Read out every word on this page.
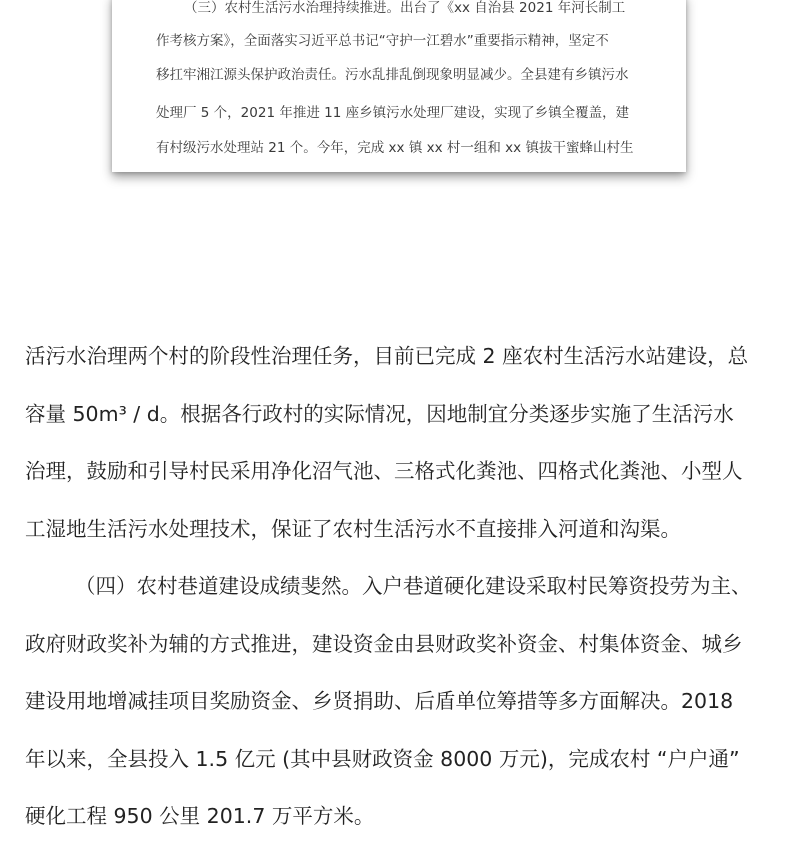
（三）农村生活污水治理持续推进。出台了《xx 自治县 2021 年河长制工
作考核方案》，全面落实习近平总书记“守护一江碧水”重要指示精神，坚定不
移扛牢湘江源头保护政治责任。污水乱排乱倒现象明显减少。全县建有乡镇污水
处理厂 5 个，2021 年推进 11 座乡镇污水处理厂建设，实现了乡镇全覆盖，建
有村级污水处理站 21 个。今年，完成 xx 镇 xx 村一组和 xx 镇拔干蜜蜂山村生
活污水治理两个村的阶段性治理任务，目前已完成 2 座农村生活污水站建设，总
容量 50m³ / d。根据各行政村的实际情况，因地制宜分类逐步实施了生活污水
治理，鼓励和引导村民采用净化沼气池、三格式化粪池、四格式化粪池、小型人
工湿地生活污水处理技术，保证了农村生活污水不直接排入河道和沟渠。
（四）农村巷道建设成绩斐然。入户巷道硬化建设采取村民筹资投劳为主、
政府财政奖补为辅的方式推进，建设资金由县财政奖补资金、村集体资金、城乡
建设用地增减挂项目奖励资金、乡贤捐助、后盾单位筹措等多方面解决。2018
年以来，全县投入 1.5 亿元 (其中县财政资金 8000 万元)，完成农村 “户户通”
硬化工程 950 公里 201.7 万平方米。
